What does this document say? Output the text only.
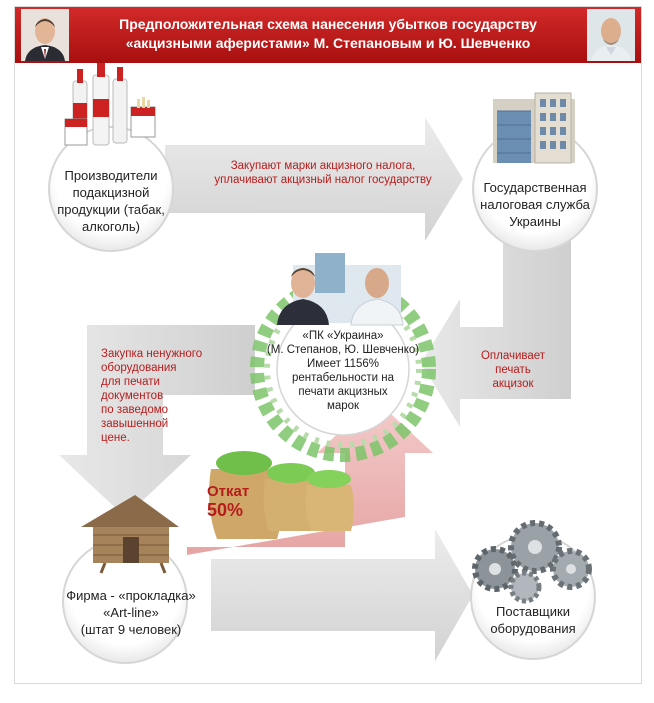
Предположительная схема нанесения убытков государству
«акцизными аферистами» М. Степановым и Ю. Шевченко
Производители
подакцизной
продукции (табак,
алкоголь)
Государственная
налоговая служба
Украины
«ПК «Украина»
(М. Степанов, Ю. Шевченко)
Имеет 1156%
рентабельности на
печати акцизных
марок
Фирма - «прокладка»
«Art-line»
(штат 9 человек)
Поставщики
оборудования
Закупают марки акцизного налога,
уплачивают акцизный налог государству
Оплачивает
печать
акцизок
Закупка ненужного
оборудования
для печати
документов
по заведомо
завышенной
цене.
Откат
50%
